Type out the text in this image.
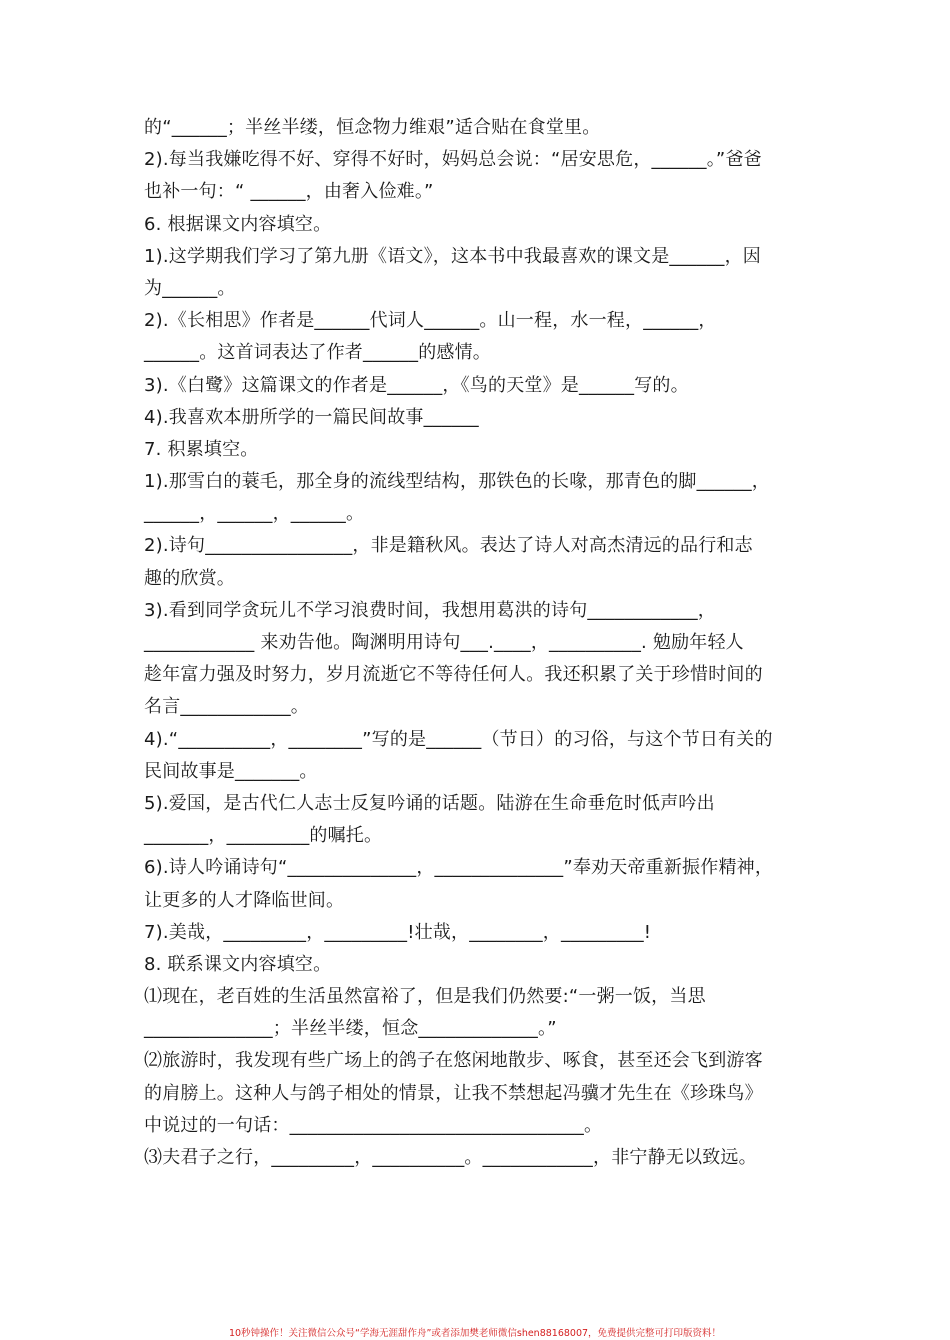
的“______；半丝半缕，恒念物力维艰”适合贴在食堂里。
2).每当我嫌吃得不好、穿得不好时，妈妈总会说：“居安思危，______。”爸爸
也补一句：“ ______，由奢入俭难。”
6. 根据课文内容填空。
1).这学期我们学习了第九册《语文》，这本书中我最喜欢的课文是______，因
为______。
2).《长相思》作者是______代词人______。山一程，水一程，______，
______。这首词表达了作者______的感情。
3).《白鹭》这篇课文的作者是______，《鸟的天堂》是______写的。
4).我喜欢本册所学的一篇民间故事______
7. 积累填空。
1).那雪白的蓑毛，那全身的流线型结构，那铁色的长喙，那青色的脚______，
______，______，______。
2).诗句________________，非是籍秋风。表达了诗人对高杰清远的品行和志
趣的欣赏。
3).看到同学贪玩儿不学习浪费时间，我想用葛洪的诗句____________，
____________ 来劝告他。陶渊明用诗句___.____，__________. 勉励年轻人
趁年富力强及时努力，岁月流逝它不等待任何人。我还积累了关于珍惜时间的
名言____________。
4).“__________，________”写的是______（节日）的习俗，与这个节日有关的
民间故事是_______。
5).爱国，是古代仁人志士反复吟诵的话题。陆游在生命垂危时低声吟出
_______，_________的嘱托。
6).诗人吟诵诗句“______________，______________”奉劝天帝重新振作精神，
让更多的人才降临世间。
7).美哉，_________，_________!壮哉，________，_________!
8. 联系课文内容填空。
⑴现在，老百姓的生活虽然富裕了，但是我们仍然要:“一粥一饭，当思
______________；半丝半缕，恒念_____________。”
⑵旅游时，我发现有些广场上的鸽子在悠闲地散步、啄食，甚至还会飞到游客
的肩膀上。这种人与鸽子相处的情景，让我不禁想起冯骥才先生在《珍珠鸟》
中说过的一句话：________________________________。
⑶夫君子之行，_________，__________。____________，非宁静无以致远。
10秒钟操作！关注微信公众号“学海无涯甜作舟”或者添加樊老师微信shen88168007，免费提供完整可打印版资料！
